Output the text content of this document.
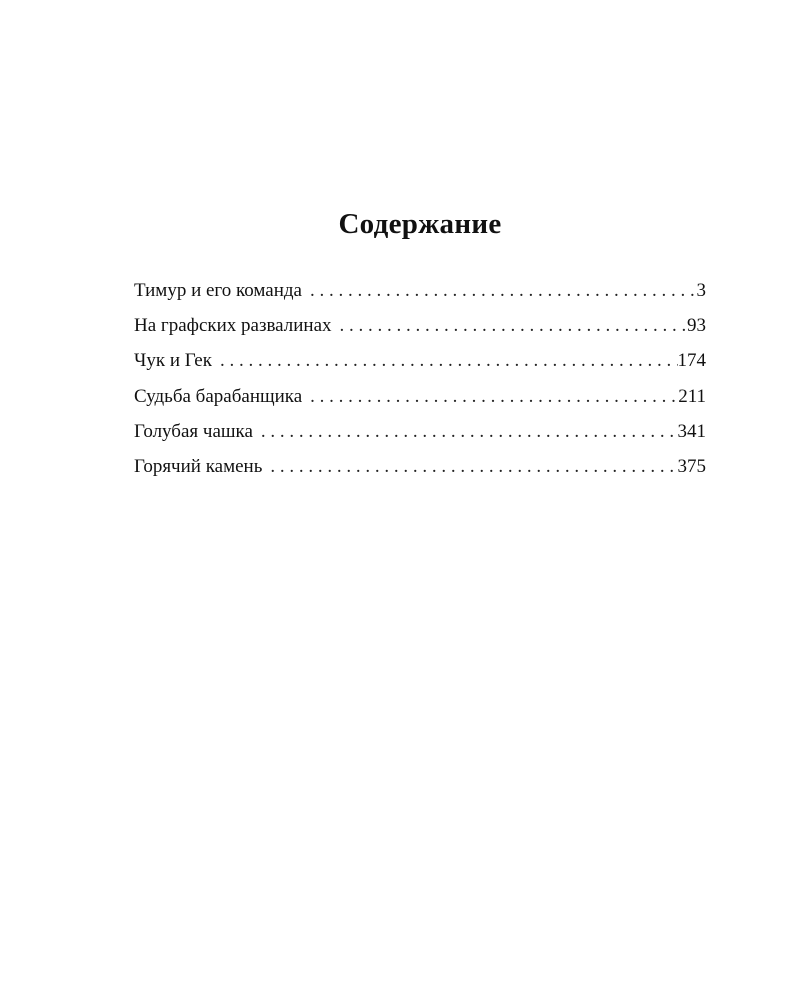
Содержание
Тимур и его команда . . .	3
На графских развалинах . . .	93
Чук и Гек . . .	174
Судьба барабанщика . . .	211
Голубая чашка . . .	341
Горячий камень . . .	375
